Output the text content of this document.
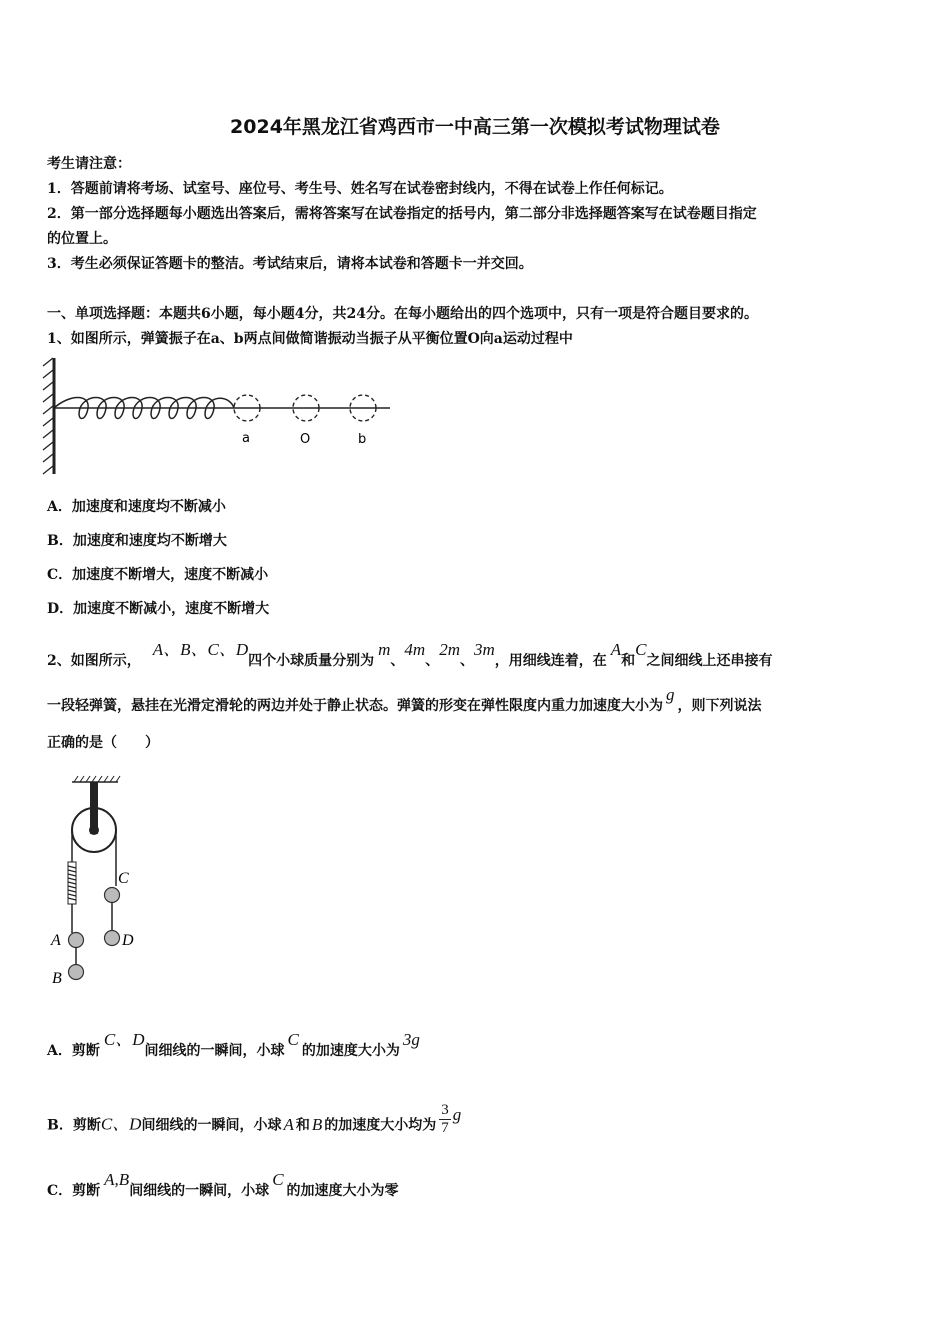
2024年黑龙江省鸡西市一中高三第一次模拟考试物理试卷
考生请注意：
1．答题前请将考场、试室号、座位号、考生号、姓名写在试卷密封线内，不得在试卷上作任何标记。
2．第一部分选择题每小题选出答案后，需将答案写在试卷指定的括号内，第二部分非选择题答案写在试卷题目指定
的位置上。
3．考生必须保证答题卡的整洁。考试结束后，请将本试卷和答题卡一并交回。
一、单项选择题：本题共6小题，每小题4分，共24分。在每小题给出的四个选项中，只有一项是符合题目要求的。
1、如图所示，弹簧振子在a、b两点间做简谐振动当振子从平衡位置O向a运动过程中
a	O	b
A．加速度和速度均不断减小
B．加速度和速度均不断增大
C．加速度不断增大，速度不断减小
D．加速度不断减小，速度不断增大
2、如图所示，A、B、C、D四个小球质量分别为m、4m、2m、3m，用细线连着，在A和C之间细线上还串接有
一段轻弹簧，悬挂在光滑定滑轮的两边并处于静止状态。弹簧的形变在弹性限度内重力加速度大小为g，则下列说法
正确的是（　　）
C
A	D
B
A．剪断C、D间细线的一瞬间，小球C的加速度大小为3g
B．剪断C、D间细线的一瞬间，小球 A 和 B 的加速度大小均为 $\frac{3}{7}$ g
C．剪断A,B间细线的一瞬间，小球C的加速度大小为零
